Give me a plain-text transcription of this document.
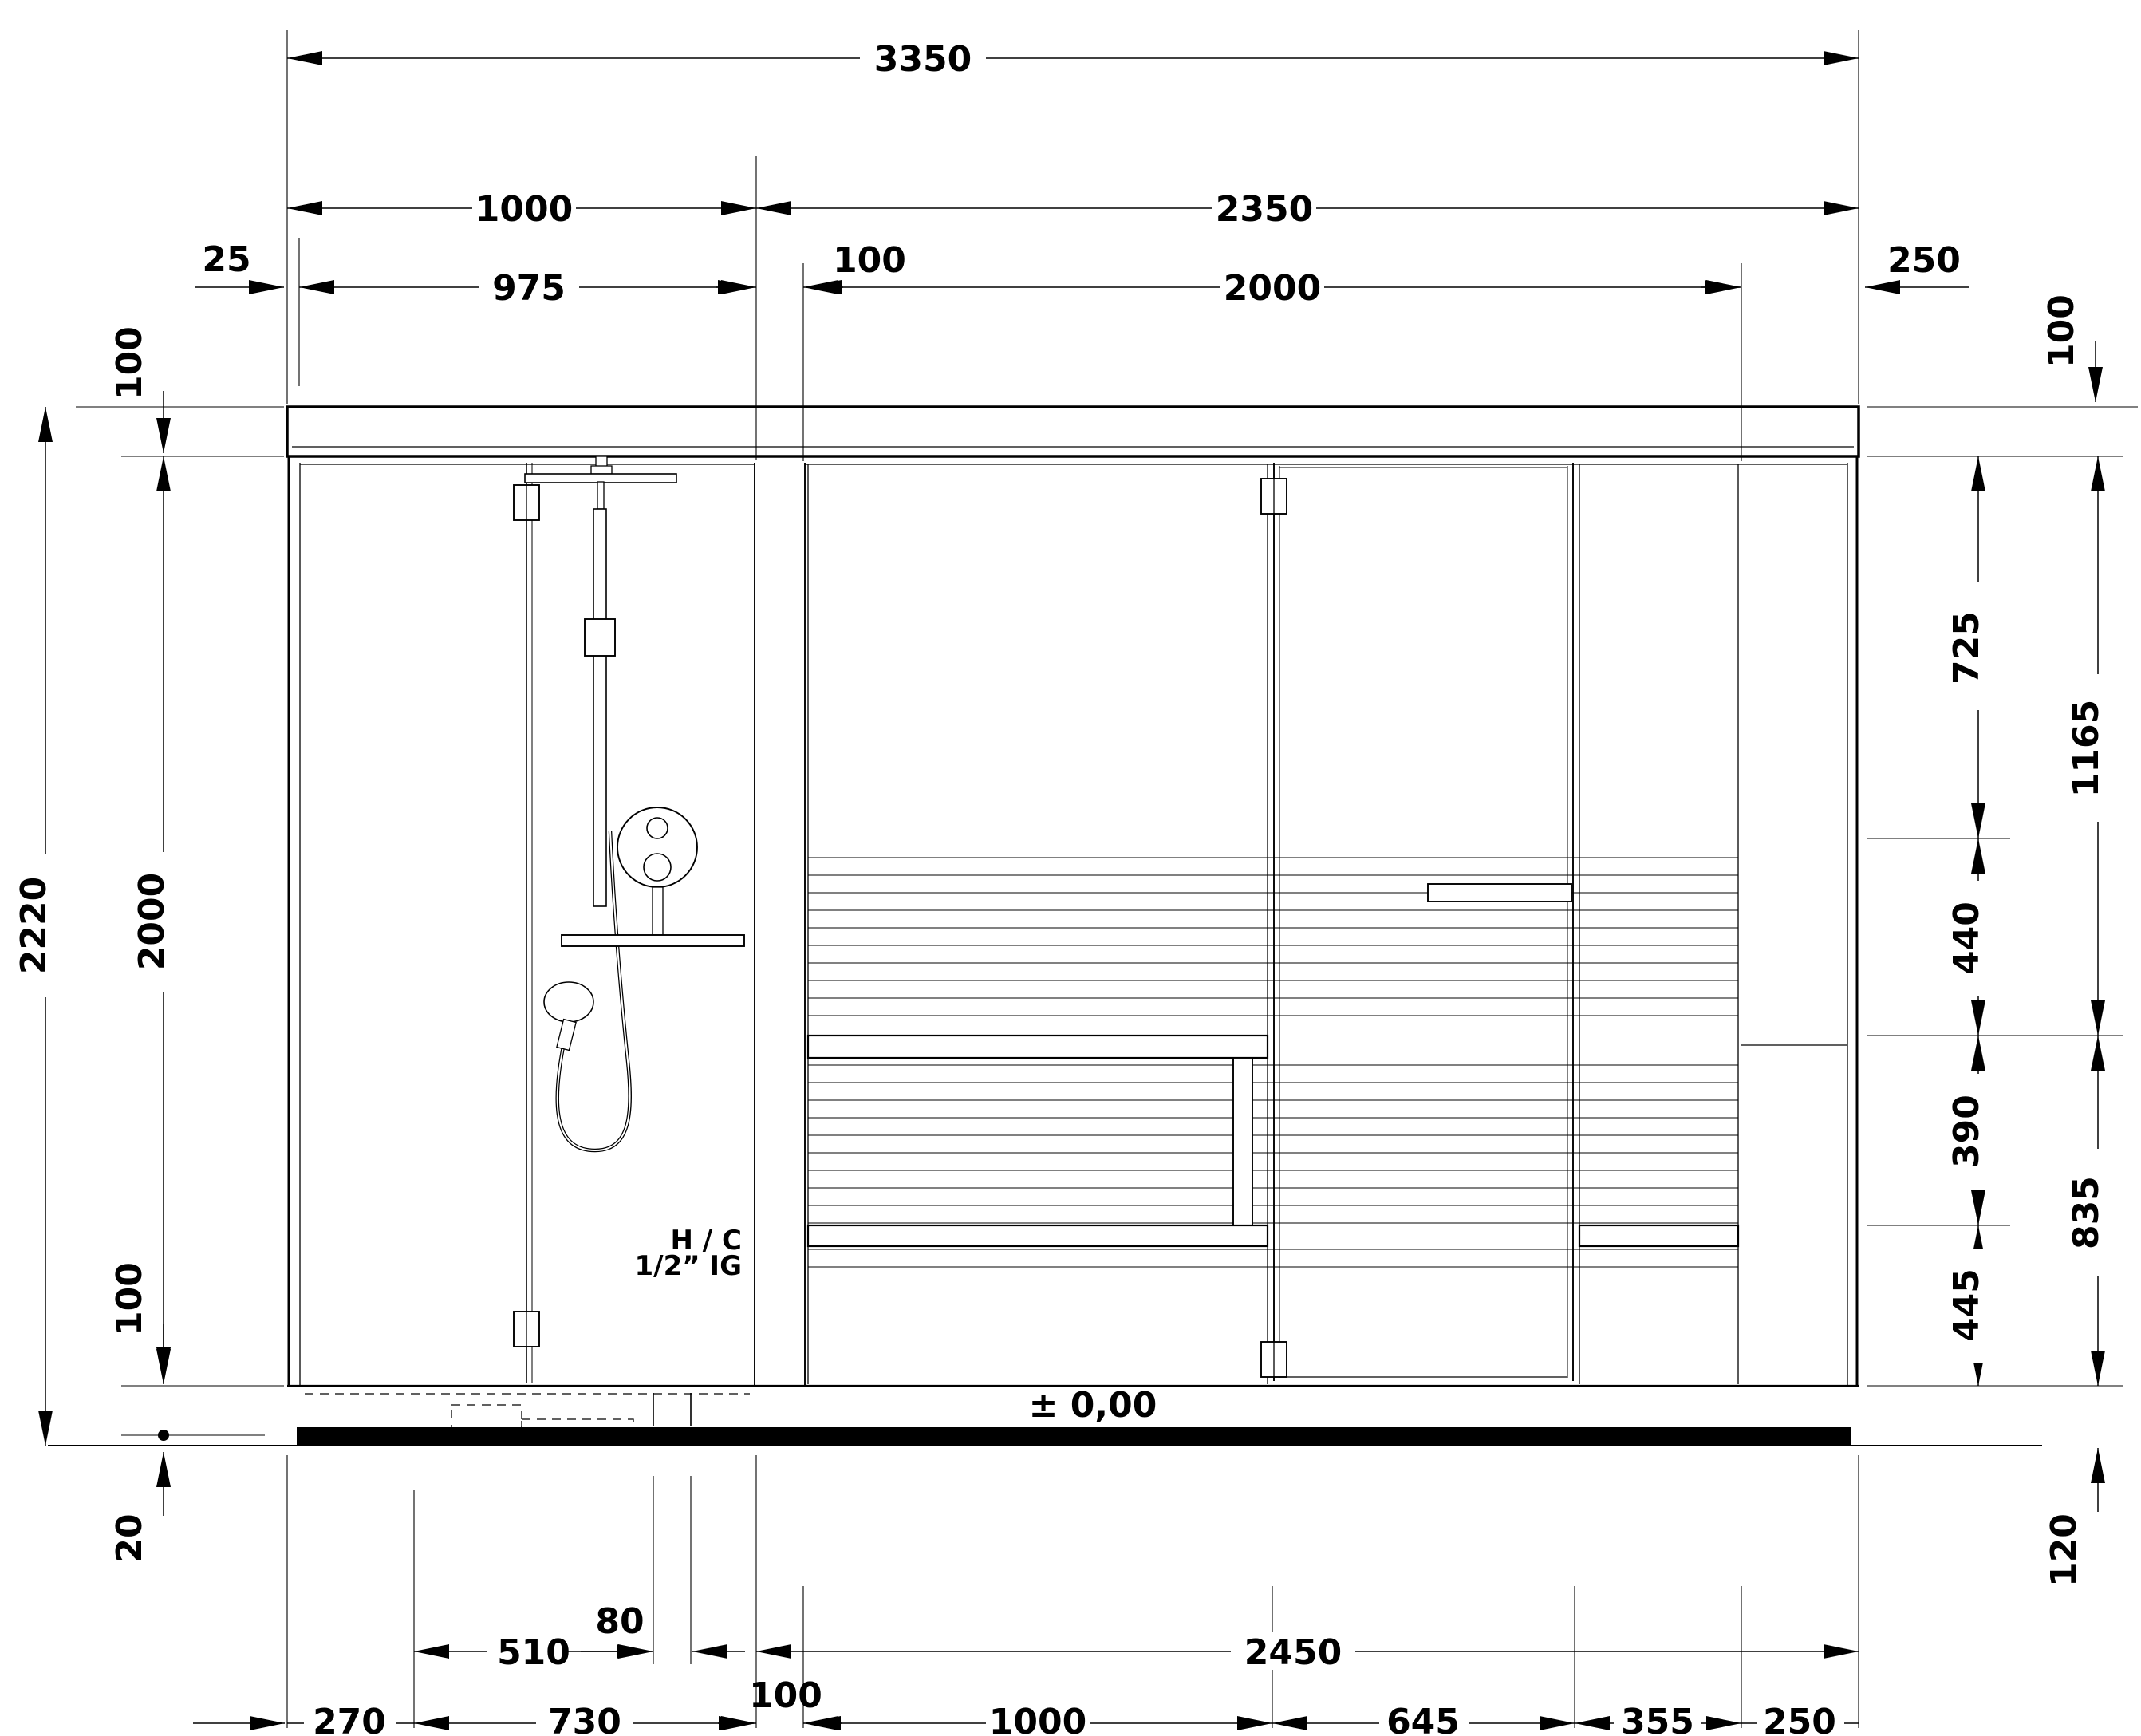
H / C
1/2” IG
± 0,00
3350
1000	2350
25
975
100
2000
250
2220
100
2000
100
20
100
725
440
390
445
1165
835
120
510
80
2450
270	730
100
1000	645	355 250
